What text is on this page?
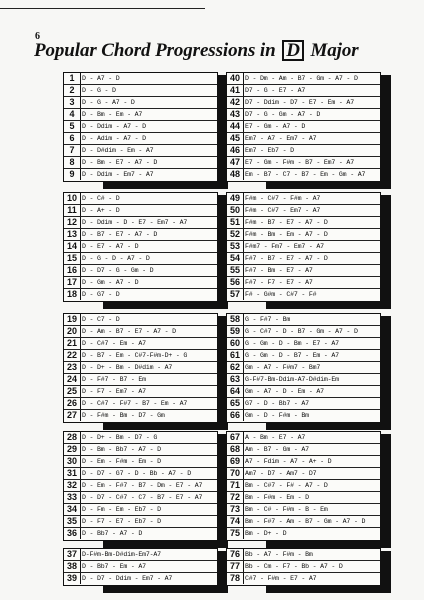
6
Popular Chord Progressions in D Major
1	D - A7 - D
2	D - G - D
3	D - G - A7 - D
4	D - Bm - Em - A7
5	D - Ddim - A7 - D
6	D - Adim - A7 - D
7	D - D#dim - Em - A7
8	D - Bm - E7 - A7 - D
9	D - Ddim - Em7 - A7
40 D - Dm - Am - B7 - Gm - A7 - D
41 D7 - G - E7 - A7
42 D7 - Ddim - D7 - E7 - Em - A7
43 D7 - G - Gm - A7 - D
44 E7 - Gm - A7 - D
45 Em7 - A7 - Em7 - A7
46 Em7 - Eb7 - D
47 E7 - Gm - F#m - B7 - Em7 - A7
48 Em - B7 - C7 - B7 - Em - Gm - A7
10 D - C# - D
11 D - A+ - D
12 D - Ddim - D - E7 - Em7 - A7
13 D - B7 - E7 - A7 - D
14 D - E7 - A7 - D
15 D - G - D - A7 - D
16 D - D7 - G - Gm - D
17 D - Gm - A7 - D
18 D - G7 - D
49 F#m - C#7 - F#m - A7
50 F#m - C#7 - Em7 - A7
51 F#m - B7 - E7 - A7 - D
52 F#m - Bm - Em - A7 - D
53 F#m7 - Fm7 - Em7 - A7
54 F#7 - B7 - E7 - A7 - D
55 F#7 - Bm - E7 - A7
56 F#7 - F7 - E7 - A7
57 F# - G#m - C#7 - F#
19 D - C7 - D
20 D - Am - B7 - E7 - A7 - D
21 D - C#7 - Em - A7
22 D - B7 - Em - C#7-F#m-D+ - G
23 D - D+ - Bm - D#dim - A7
24 D - F#7 - B7 - Em
25 D - F7 - Em7 - A7
26 D - C#7 - F#7 - B7 - Em - A7
27 D - F#m - Bm - D7 - Gm
58 G - F#7 - Bm
59 G - C#7 - D - B7 - Gm - A7 - D
60 G - Gm - D - Bm - E7 - A7
61 G - Gm - D - B7 - Em - A7
62 Gm - A7 - F#m7 - Bm7
63 G-F#7-Bm-Ddim-A7-D#dim-Em
64 Gm - A7 - D - Em - A7
65 G7 - D - Bb7 - A7
66 Gm - D - F#m - Bm
28 D - D+ - Bm - D7 - G
29 D - Bm - Bb7 - A7 - D
30 D - Em - F#m - Em - D
31 D - D7 - G7 - D - Bb - A7 - D
32 D - Em - F#7 - B7 - Dm - E7 - A7
33 D - D7 - C#7 - C7 - B7 - E7 - A7
34 D - Fm - Em - Eb7 - D
35 D - F7 - E7 - Eb7 - D
36 D - Bb7 - A7 - D
67 A - Bm - E7 - A7
68 Am - B7 - Gm - A7
69 A7 - Fdim - A7 - A+ - D
70 Am7 - D7 - Am7 - D7
71 Bm - C#7 - F# - A7 - D
72 Bm - F#m - Em - D
73 Bm - C# - F#m - B - Em
74 Bm - F#7 - Am - B7 - Gm - A7 - D
75 Bm - D+ - D
37 D-F#m-Bm-D#dim-Em7-A7
38 D - Bb7 - Em - A7
39 D - D7 - Ddim - Em7 - A7
76 Bb - A7 - F#m - Bm
77 Bb - Cm - F7 - Bb - A7 - D
78 C#7 - F#m - E7 - A7
